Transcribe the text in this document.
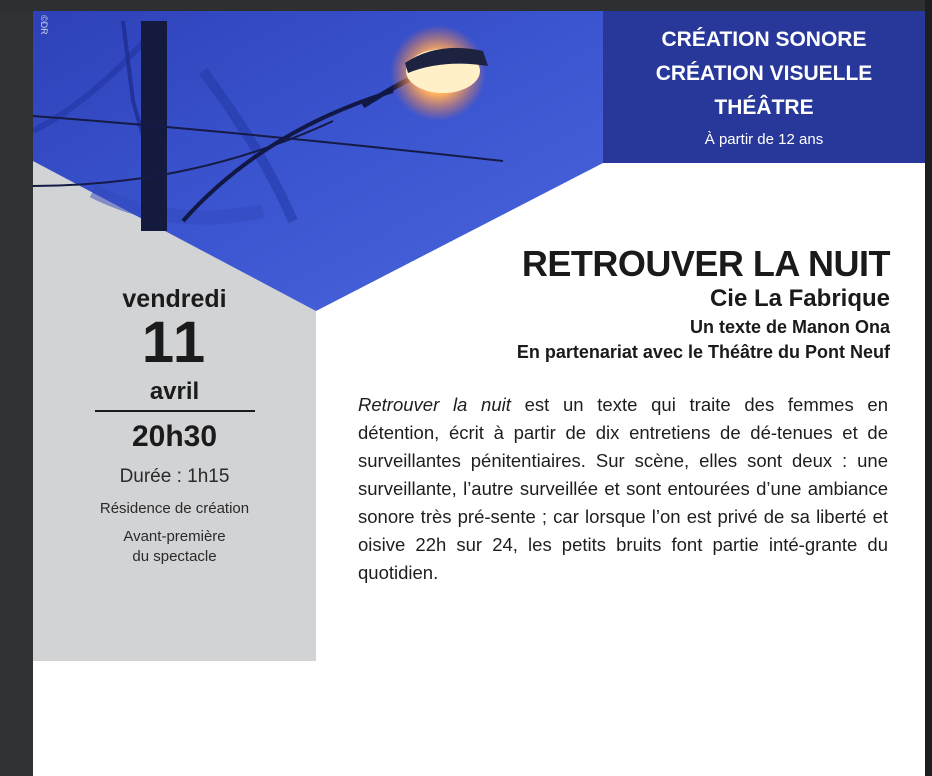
©DR
CRÉATION SONORE
CRÉATION VISUELLE
THÉÂTRE
À partir de 12 ans
vendredi
11
avril
20h30
Durée : 1h15
Résidence de création
Avant-première
du spectacle
RETROUVER LA NUIT
Cie La Fabrique
Un texte de Manon Ona
En partenariat avec le Théâtre du Pont Neuf
Retrouver la nuit est un texte qui traite des femmes en détention, écrit à partir de dix entretiens de dé-tenues et de surveillantes pénitentiaires. Sur scène, elles sont deux : une surveillante, l’autre surveillée et sont entourées d’une ambiance sonore très pré-sente ; car lorsque l’on est privé de sa liberté et oisive 22h sur 24, les petits bruits font partie inté-grante du quotidien.
